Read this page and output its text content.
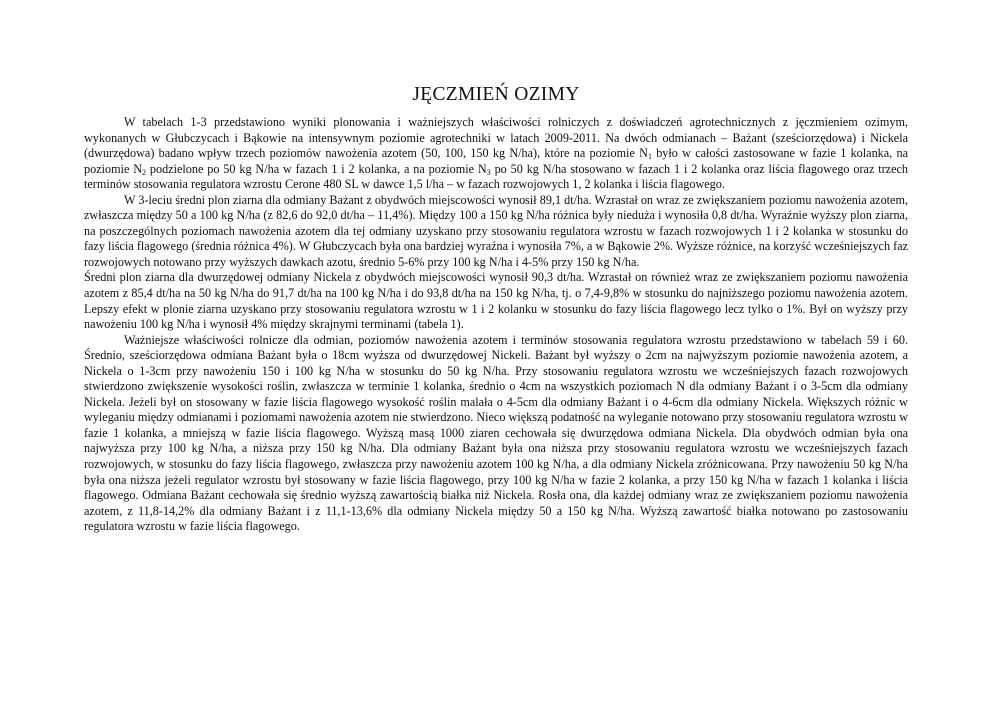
JĘCZMIEŃ OZIMY

W tabelach 1-3 przedstawiono wyniki plonowania i ważniejszych właściwości rolniczych z doświadczeń agrotechnicznych z jęczmieniem ozimym, wykonanych w Głubczycach i Bąkowie na intensywnym poziomie agrotechniki w latach 2009-2011. Na dwóch odmianach – Bażant (sześciorzędowa) i Nickela (dwurzędowa) badano wpływ trzech poziomów nawożenia azotem (50, 100, 150 kg N/ha), które na poziomie $N_1$ było w całości zastosowane w fazie 1 kolanka, na poziomie $N_2$ podzielone po 50 kg N/ha w fazach 1 i 2 kolanka, a na poziomie $N_3$ po 50 kg N/ha stosowano w fazach 1 i 2 kolanka oraz liścia flagowego oraz trzech terminów stosowania regulatora wzrostu Cerone 480 SL w dawce 1,5 l/ha – w fazach rozwojowych 1, 2 kolanka i liścia flagowego.

W 3-leciu średni plon ziarna dla odmiany Bażant z obydwóch miejscowości wynosił 89,1 dt/ha. Wzrastał on wraz ze zwiększaniem poziomu nawożenia azotem, zwłaszcza między 50 a 100 kg N/ha (z 82,6 do 92,0 dt/ha – 11,4%). Między 100 a 150 kg N/ha różnica były nieduża i wynosiła 0,8 dt/ha. Wyraźnie wyższy plon ziarna, na poszczególnych poziomach nawożenia azotem dla tej odmiany uzyskano przy stosowaniu regulatora wzrostu w fazach rozwojowych 1 i 2 kolanka w stosunku do fazy liścia flagowego (średnia różnica 4%). W Głubczycach była ona bardziej wyraźna i wynosiła 7%, a w Bąkowie 2%. Wyższe różnice, na korzyść wcześniejszych faz rozwojowych notowano przy wyższych dawkach azotu, średnio 5-6% przy 100 kg N/ha i 4-5% przy 150 kg N/ha.

Średni plon ziarna dla dwurzędowej odmiany Nickela z obydwóch miejscowości wynosił 90,3 dt/ha. Wzrastał on również wraz ze zwiększaniem poziomu nawożenia azotem z 85,4 dt/ha na 50 kg N/ha do 91,7 dt/ha na 100 kg N/ha i do 93,8 dt/ha na 150 kg N/ha, tj. o 7,4-9,8% w stosunku do najniższego poziomu nawożenia azotem. Lepszy efekt w plonie ziarna uzyskano przy stosowaniu regulatora wzrostu w 1 i 2 kolanku w stosunku do fazy liścia flagowego lecz tylko o 1%. Był on wyższy przy nawożeniu 100 kg N/ha i wynosił 4% między skrajnymi terminami (tabela 1).

Ważniejsze właściwości rolnicze dla odmian, poziomów nawożenia azotem i terminów stosowania regulatora wzrostu przedstawiono w tabelach 59 i 60. Średnio, sześciorzędowa odmiana Bażant była o 18cm wyższa od dwurzędowej Nickeli. Bażant był wyższy o 2cm na najwyższym poziomie nawożenia azotem, a Nickela o 1-3cm przy nawożeniu 150 i 100 kg N/ha w stosunku do 50 kg N/ha. Przy stosowaniu regulatora wzrostu we wcześniejszych fazach rozwojowych stwierdzono zwiększenie wysokości roślin, zwłaszcza w terminie 1 kolanka, średnio o 4cm na wszystkich poziomach N dla odmiany Bażant i o 3-5cm dla odmiany Nickela. Jeżeli był on stosowany w fazie liścia flagowego wysokość roślin malała o 4-5cm dla odmiany Bażant i o 4-6cm dla odmiany Nickela. Większych różnic w wyleganiu między odmianami i poziomami nawożenia azotem nie stwierdzono. Nieco większą podatność na wyleganie notowano przy stosowaniu regulatora wzrostu w fazie 1 kolanka, a mniejszą w fazie liścia flagowego. Wyższą masą 1000 ziaren cechowała się dwurzędowa odmiana Nickela. Dla obydwóch odmian była ona najwyższa przy 100 kg N/ha, a niższa przy 150 kg N/ha. Dla odmiany Bażant była ona niższa przy stosowaniu regulatora wzrostu we wcześniejszych fazach rozwojowych, w stosunku do fazy liścia flagowego, zwłaszcza przy nawożeniu azotem 100 kg N/ha, a dla odmiany Nickela zróżnicowana. Przy nawożeniu 50 kg N/ha była ona niższa jeżeli regulator wzrostu był stosowany w fazie liścia flagowego, przy 100 kg N/ha w fazie 2 kolanka, a przy 150 kg N/ha w fazach 1 kolanka i liścia flagowego. Odmiana Bażant cechowała się średnio wyższą zawartością białka niż Nickela. Rosła ona, dla każdej odmiany wraz ze zwiększaniem poziomu nawożenia azotem, z 11,8-14,2% dla odmiany Bażant i z 11,1-13,6% dla odmiany Nickela między 50 a 150 kg N/ha. Wyższą zawartość białka notowano po zastosowaniu regulatora wzrostu w fazie liścia flagowego.
